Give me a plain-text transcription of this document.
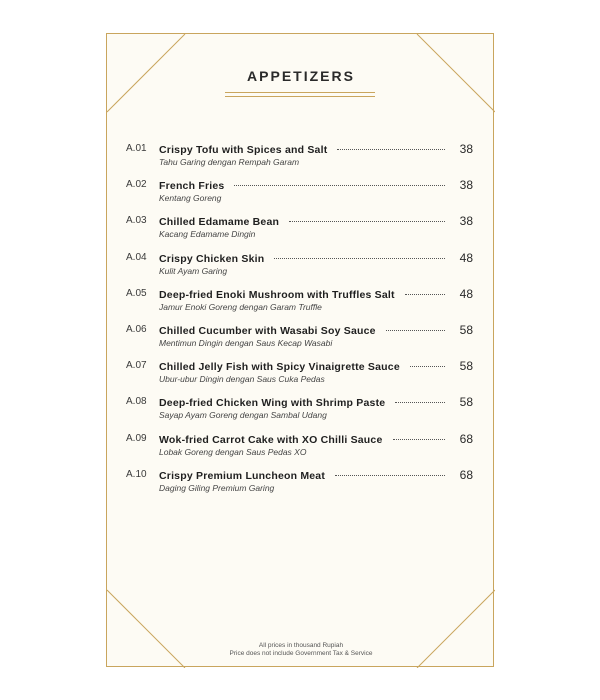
APPETIZERS
A.01 Crispy Tofu with Spices and Salt	38
Tahu Garing dengan Rempah Garam
A.02 French Fries	38
Kentang Goreng
A.03 Chilled Edamame Bean	38
Kacang Edamame Dingin
A.04 Crispy Chicken Skin	48
Kulit Ayam Garing
A.05 Deep-fried Enoki Mushroom with Truffles Salt	48
Jamur Enoki Goreng dengan Garam Truffle
A.06 Chilled Cucumber with Wasabi Soy Sauce	58
Mentimun Dingin dengan Saus Kecap Wasabi
A.07 Chilled Jelly Fish with Spicy Vinaigrette Sauce	58
Ubur-ubur Dingin dengan Saus Cuka Pedas
A.08 Deep-fried Chicken Wing with Shrimp Paste	58
Sayap Ayam Goreng dengan Sambal Udang
A.09 Wok-fried Carrot Cake with XO Chilli Sauce	68
Lobak Goreng dengan Saus Pedas XO
A.10 Crispy Premium Luncheon Meat	68
Daging Giling Premium Garing
All prices in thousand Rupiah
Price does not include Government Tax & Service
